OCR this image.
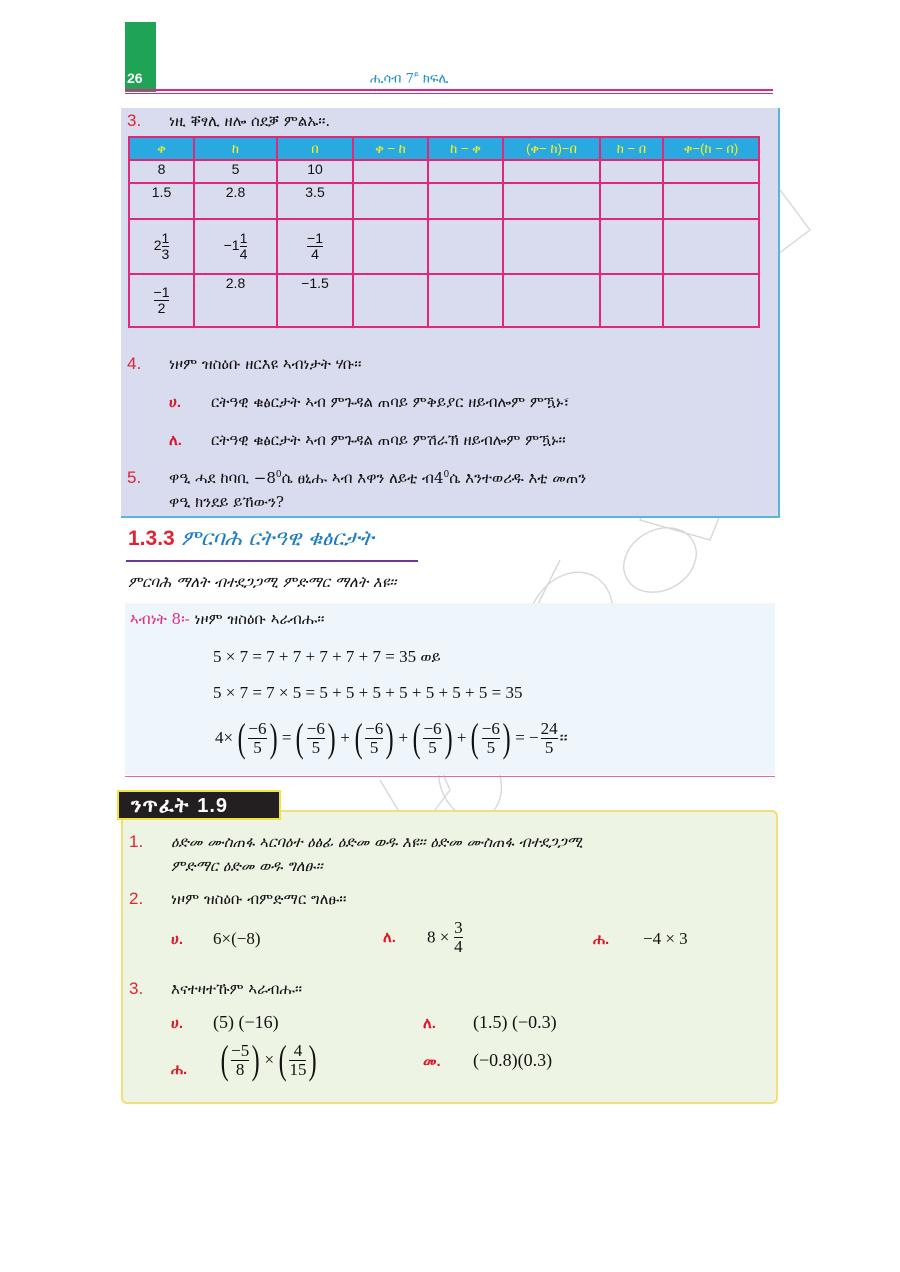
26	ሒሳብ $7^ይ$ ክፍሊ
3. ነዚ ቐፃሊ ዘሎ ሰደቓ ምልኡ፡፡.
ቀ	ከ	በ	ቀ − ከ	ከ − ቀ	(ቀ− ከ)−በ	ከ − በ	ቀ−(ከ − በ)
8	5	10					
1.5	2.8	3.5					
$2 \frac{1}{3}$	$-1 \frac{1}{4}$	$\frac{-1}{4}$

$\frac{-1}{2}$	2.8	−1.5					
4. ነዞም ዝስዕቡ ዘርእዩ ኣብነታት ሃቡ፡፡
ሀ. ርትዓዊ ቁፅርታት ኣብ ምጉዳል ጠባይ ምቅይያር ዘይብሎም ምዃኑ፣
ለ. ርትዓዊ ቁፅርታት ኣብ ምጉዳል ጠባይ ምሽራኽ ዘይብሎም ምዃኑ፡፡
5. ዋዒ ሓደ ከባቢ $-8^0ሴ$ ፀኒሑ ኣብ እዋን ለይቲ $ብ4^0ሴ$ እንተወሪዱ እቲ መጠን
ዋዒ ክንደይ ይኸውን?
1.3.3 ምርባሕ ርትዓዊ ቁፅርታት
ምርባሕ ማለት ብተደጋጋሚ ምድማር ማለት እዩ፡፡
ኣብነት 8፡- ነዞም ዝስዕቡ ኣራብሑ፡፡
5 × 7 = 7 + 7 + 7 + 7 + 7 = 35 ወይ
5 × 7 = 7 × 5 = 5 + 5 + 5 + 5 + 5 + 5 + 5 = 35
4× ( $\frac{-6}{5}$ ) = ( $\frac{-6}{5}$ ) + ( $\frac{-6}{5}$ ) + ( $\frac{-6}{5}$ ) + ( $\frac{-6}{5}$ ) = − $\frac{24}{5}$ ፡፡
1. ዕድመ ሙስጠፋ ኣርባዕተ ዕፅፊ ዕድመ ወዱ እዩ፡፡ ዕድመ ሙስጠፋ ብተደጋጋሚ
ምድማር ዕድመ ወዱ ግለፁ፡፡
2. ነዞም ዝስዕቡ ብምድማር ግለፁ፡፡
ሀ. 6×(−8)	ለ. $8 \times \frac{3}{4}$	ሐ. −4 × 3
3. እናተዛተኹም ኣራብሑ፡፡
ሀ. (5) (−16)	ለ. (1.5) (−0.3)
ሐ. ( $\frac{-5}{8}$ ) × ( $\frac{4}{15}$ )	መ. (−0.8)(0.3)
ንጥፈት 1.9
